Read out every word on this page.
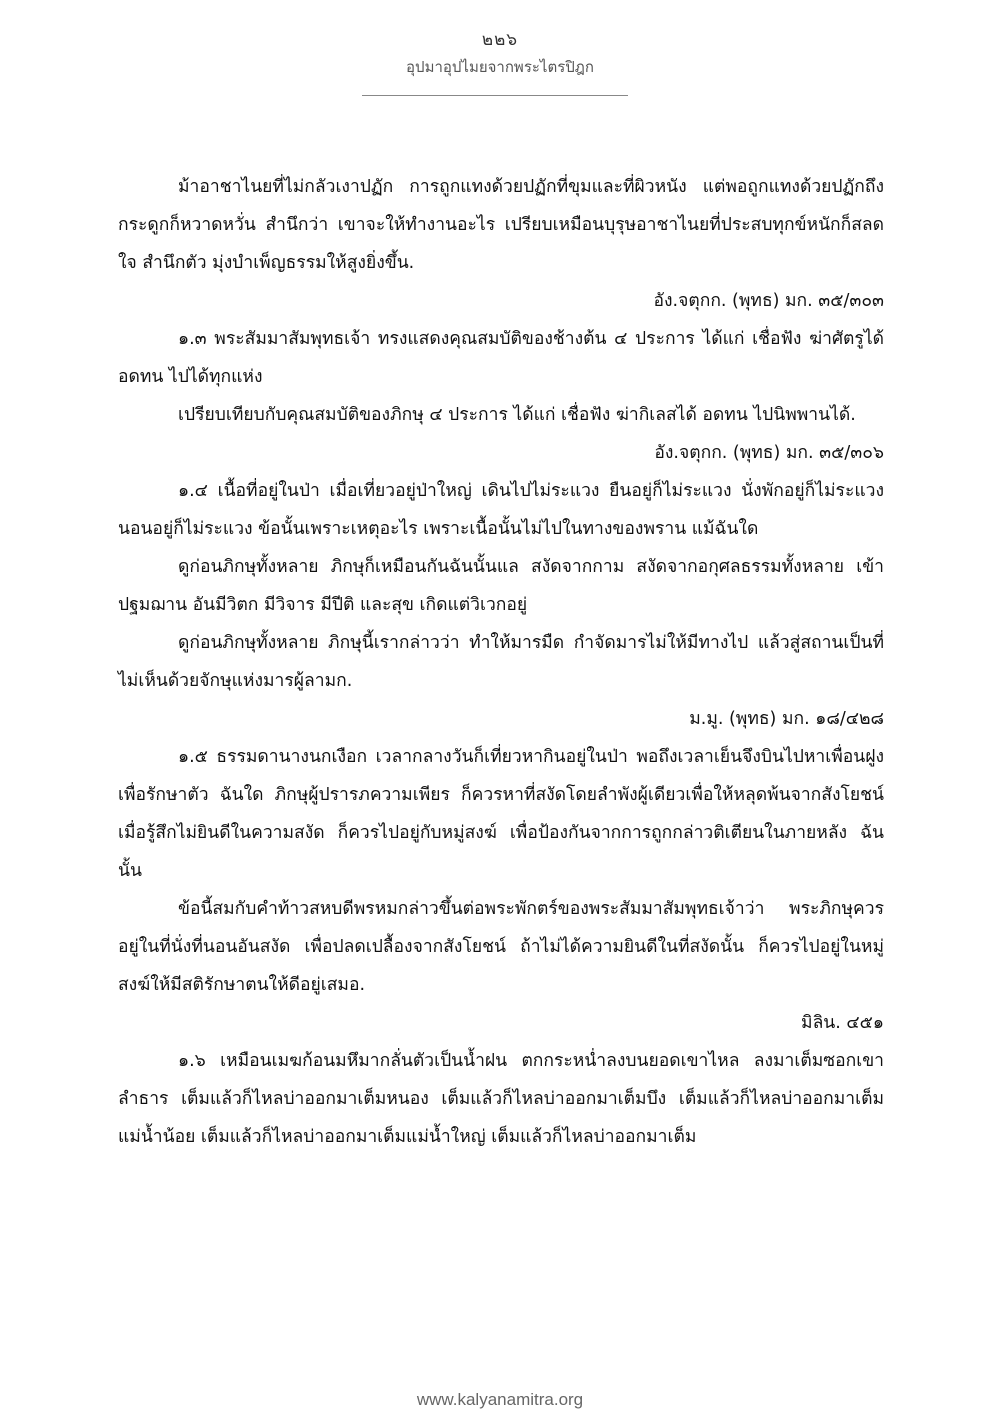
๒๒๖
อุปมาอุปไมยจากพระไตรปิฎก

ม้าอาชาไนยที่ไม่กลัวเงาปฏัก การถูกแทงด้วยปฏักที่ขุมและที่ผิวหนัง แต่พอถูกแทงด้วยปฏักถึงกระดูกก็หวาดหวั่น สำนึกว่า เขาจะให้ทำงานอะไร เปรียบเหมือนบุรุษอาชาไนยที่ประสบทุกข์หนักก็สลดใจ สำนึกตัว มุ่งบำเพ็ญธรรมให้สูงยิ่งขึ้น.

อัง.จตุกก. (พุทธ) มก. ๓๕/๓๐๓

๑.๓ พระสัมมาสัมพุทธเจ้า ทรงแสดงคุณสมบัติของช้างต้น ๔ ประการ ได้แก่ เชื่อฟัง ฆ่าศัตรูได้ อดทน ไปได้ทุกแห่ง

เปรียบเทียบกับคุณสมบัติของภิกษุ ๔ ประการ ได้แก่ เชื่อฟัง ฆ่ากิเลสได้ อดทน ไปนิพพานได้.

อัง.จตุกก. (พุทธ) มก. ๓๕/๓๐๖

๑.๔ เนื้อที่อยู่ในป่า เมื่อเที่ยวอยู่ป่าใหญ่ เดินไปไม่ระแวง ยืนอยู่ก็ไม่ระแวง นั่งพักอยู่ก็ไม่ระแวง นอนอยู่ก็ไม่ระแวง ข้อนั้นเพราะเหตุอะไร เพราะเนื้อนั้นไม่ไปในทางของพราน แม้ฉันใด

ดูก่อนภิกษุทั้งหลาย ภิกษุก็เหมือนกันฉันนั้นแล สงัดจากกาม สงัดจากอกุศลธรรมทั้งหลาย เข้าปฐมฌาน อันมีวิตก มีวิจาร มีปีติ และสุข เกิดแต่วิเวกอยู่

ดูก่อนภิกษุทั้งหลาย ภิกษุนี้เรากล่าวว่า ทำให้มารมืด กำจัดมารไม่ให้มีทางไป แล้วสู่สถานเป็นที่ไม่เห็นด้วยจักษุแห่งมารผู้ลามก.

ม.มู. (พุทธ) มก. ๑๘/๔๒๘

๑.๕ ธรรมดานางนกเงือก เวลากลางวันก็เที่ยวหากินอยู่ในป่า พอถึงเวลาเย็นจึงบินไปหาเพื่อนฝูงเพื่อรักษาตัว ฉันใด ภิกษุผู้ปรารภความเพียร ก็ควรหาที่สงัดโดยลำพังผู้เดียวเพื่อให้หลุดพ้นจากสังโยชน์ เมื่อรู้สึกไม่ยินดีในความสงัด ก็ควรไปอยู่กับหมู่สงฆ์ เพื่อป้องกันจากการถูกกล่าวติเตียนในภายหลัง ฉันนั้น

ข้อนี้สมกับคำท้าวสหบดีพรหมกล่าวขึ้นต่อพระพักตร์ของพระสัมมาสัมพุทธเจ้าว่า พระภิกษุควรอยู่ในที่นั่งที่นอนอันสงัด เพื่อปลดเปลื้องจากสังโยชน์ ถ้าไม่ได้ความยินดีในที่สงัดนั้น ก็ควรไปอยู่ในหมู่สงฆ์ให้มีสติรักษาตนให้ดีอยู่เสมอ.

มิลิน. ๔๕๑

๑.๖ เหมือนเมฆก้อนมหึมากลั่นตัวเป็นน้ำฝน ตกกระหน่ำลงบนยอดเขาไหล ลงมาเต็มซอกเขา ลำธาร เต็มแล้วก็ไหลบ่าออกมาเต็มหนอง เต็มแล้วก็ไหลบ่าออกมาเต็มบึง เต็มแล้วก็ไหลบ่าออกมาเต็มแม่น้ำน้อย เต็มแล้วก็ไหลบ่าออกมาเต็มแม่น้ำใหญ่ เต็มแล้วก็ไหลบ่าออกมาเต็ม

www.kalyanamitra.org
